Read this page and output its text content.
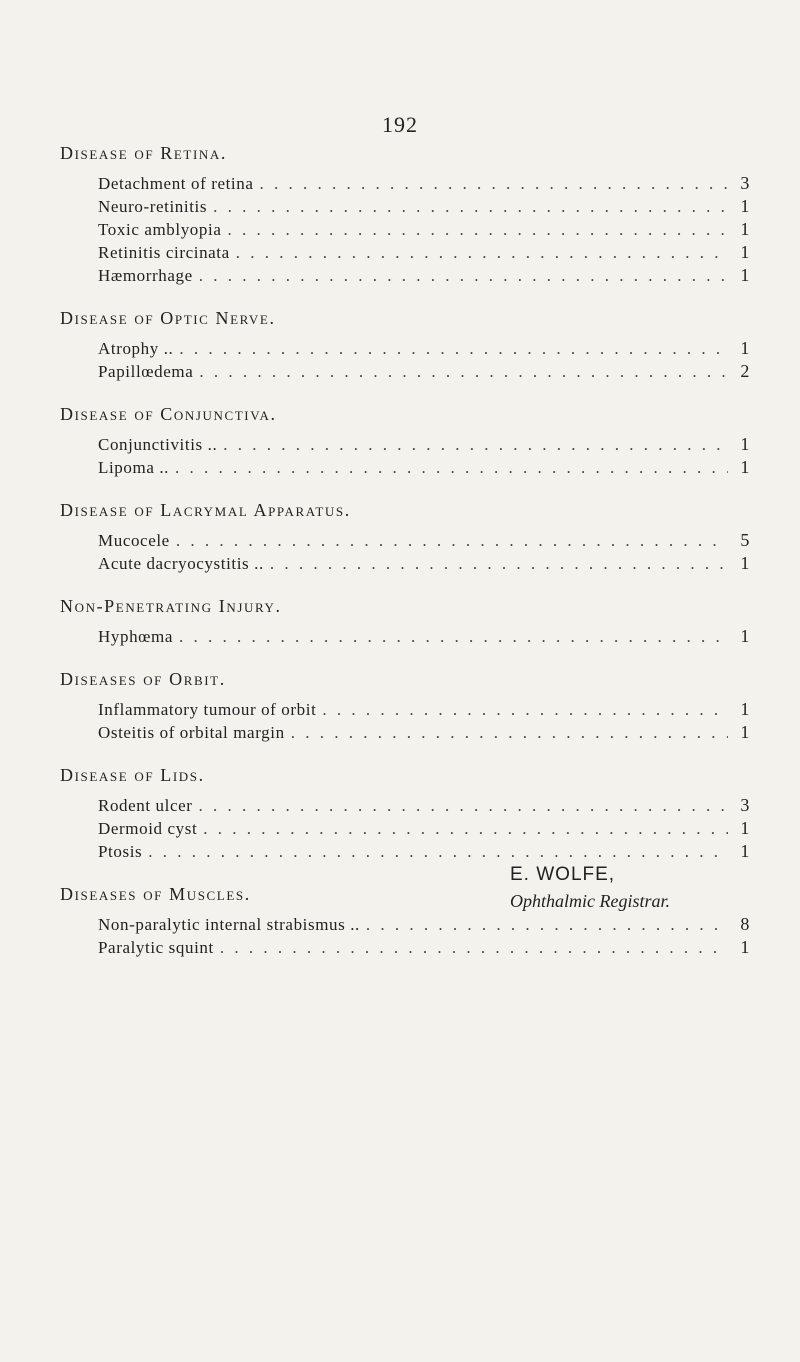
192
Disease of Retina.
Detachment of retina . . .	3
Neuro-retinitis . . .	1
Toxic amblyopia . . .	1
Retinitis circinata . . .	1
Hæmorrhage . . .	1
Disease of Optic Nerve.
Atrophy .. . . .	1
Papillœdema . . .	2
Disease of Conjunctiva.
Conjunctivitis .. . . .	1
Lipoma .. . . .	1
Disease of Lacrymal Apparatus.
Mucocele . . .	5
Acute dacryocystitis .. . . .	1
Non-Penetrating Injury.
Hyphœma . . .	1
Diseases of Orbit.
Inflammatory tumour of orbit . . .	1
Osteitis of orbital margin . . .	1
Disease of Lids.
Rodent ulcer . . .	3
Dermoid cyst . . .	1
Ptosis . . .	1
Diseases of Muscles.
Non-paralytic internal strabismus .. . . .	8
Paralytic squint . . .	1
E. WOLFE,
Ophthalmic Registrar.
